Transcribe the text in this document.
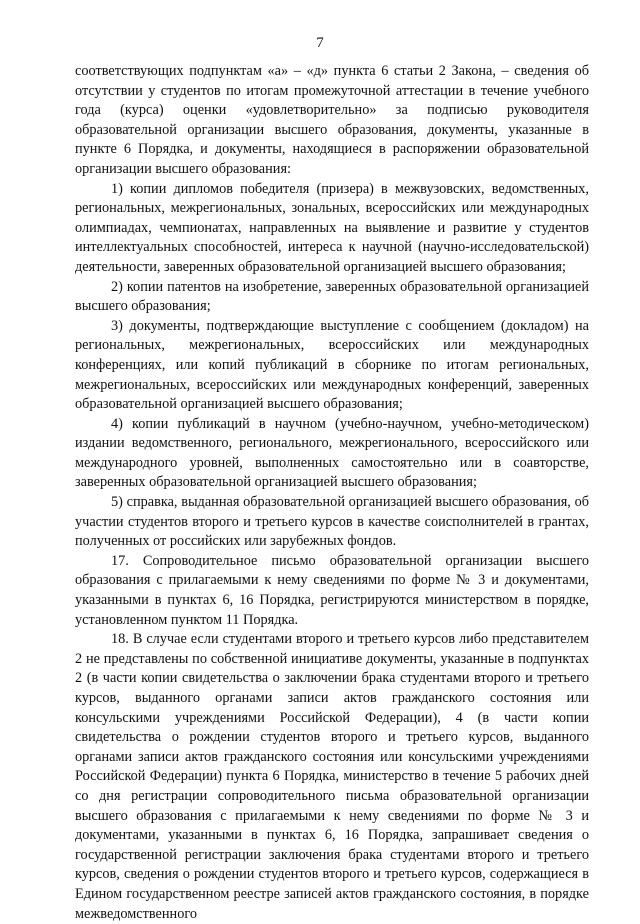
7

соответствующих подпунктам «а» – «д» пункта 6 статьи 2 Закона, – сведения об отсутствии у студентов по итогам промежуточной аттестации в течение учебного года (курса) оценки «удовлетворительно» за подписью руководителя образовательной организации высшего образования, документы, указанные в пункте 6 Порядка, и документы, находящиеся в распоряжении образовательной организации высшего образования:

1) копии дипломов победителя (призера) в межвузовских, ведомственных, региональных, межрегиональных, зональных, всероссийских или международных олимпиадах, чемпионатах, направленных на выявление и развитие у студентов интеллектуальных способностей, интереса к научной (научно-исследовательской) деятельности, заверенных образовательной организацией высшего образования;

2) копии патентов на изобретение, заверенных образовательной организацией высшего образования;

3) документы, подтверждающие выступление с сообщением (докладом) на региональных, межрегиональных, всероссийских или международных конференциях, или копий публикаций в сборнике по итогам региональных, межрегиональных, всероссийских или международных конференций, заверенных образовательной организацией высшего образования;

4) копии публикаций в научном (учебно-научном, учебно-методическом) издании ведомственного, регионального, межрегионального, всероссийского или международного уровней, выполненных самостоятельно или в соавторстве, заверенных образовательной организацией высшего образования;

5) справка, выданная образовательной организацией высшего образования, об участии студентов второго и третьего курсов в качестве соисполнителей в грантах, полученных от российских или зарубежных фондов.

17. Сопроводительное письмо образовательной организации высшего образования с прилагаемыми к нему сведениями по форме № 3 и документами, указанными в пунктах 6, 16 Порядка, регистрируются министерством в порядке, установленном пунктом 11 Порядка.

18. В случае если студентами второго и третьего курсов либо представителем 2 не представлены по собственной инициативе документы, указанные в подпунктах 2 (в части копии свидетельства о заключении брака студентами второго и третьего курсов, выданного органами записи актов гражданского состояния или консульскими учреждениями Российской Федерации), 4 (в части копии свидетельства о рождении студентов второго и третьего курсов, выданного органами записи актов гражданского состояния или консульскими учреждениями Российской Федерации) пункта 6 Порядка, министерство в течение 5 рабочих дней со дня регистрации сопроводительного письма образовательной организации высшего образования с прилагаемыми к нему сведениями по форме № 3 и документами, указанными в пунктах 6, 16 Порядка, запрашивает сведения о государственной регистрации заключения брака студентами второго и третьего курсов, сведения о рождении студентов второго и третьего курсов, содержащиеся в Едином государственном реестре записей актов гражданского состояния, в порядке межведомственного
